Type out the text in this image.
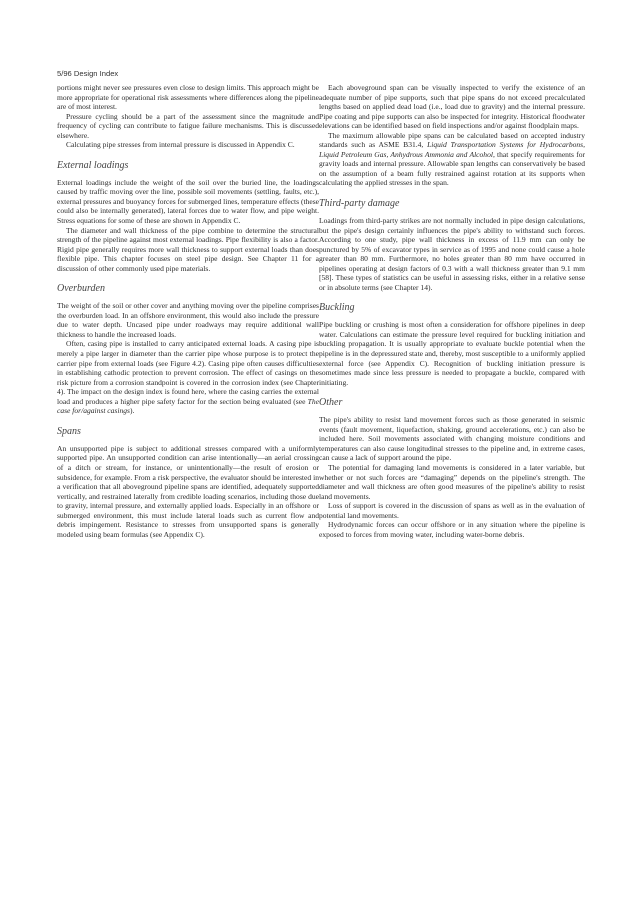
5/96 Design Index

portions might never see pressures even close to design limits. This approach might be more appropriate for operational risk assessments where differences along the pipeline are of most interest.

Pressure cycling should be a part of the assessment since the magnitude and frequency of cycling can contribute to fatigue failure mechanisms. This is discussed elsewhere.

Calculating pipe stresses from internal pressure is discussed in Appendix C.

External loadings

External loadings include the weight of the soil over the buried line, the loadings caused by traffic moving over the line, possible soil movements (settling, faults, etc.), external pressures and buoyancy forces for submerged lines, temperature effects (these could also be internally generated), lateral forces due to water flow, and pipe weight. Stress equations for some of these are shown in Appendix C.

The diameter and wall thickness of the pipe combine to determine the structural strength of the pipeline against most external loadings. Pipe flexibility is also a factor. Rigid pipe generally requires more wall thickness to support external loads than does flexible pipe. This chapter focuses on steel pipe design. See Chapter 11 for a discussion of other commonly used pipe materials.

Overburden

The weight of the soil or other cover and anything moving over the pipeline comprises the overburden load. In an offshore environment, this would also include the pressure due to water depth. Uncased pipe under roadways may require additional wall thickness to handle the increased loads.

Often, casing pipe is installed to carry anticipated external loads. A casing pipe is merely a pipe larger in diameter than the carrier pipe whose purpose is to protect the carrier pipe from external loads (see Figure 4.2). Casing pipe often causes difficulties in establishing cathodic protection to prevent corrosion. The effect of casings on the risk picture from a corrosion standpoint is covered in the corrosion index (see Chapter 4). The impact on the design index is found here, where the casing carries the external load and produces a higher pipe safety factor for the section being evaluated (see The case for/against casings).

Spans

An unsupported pipe is subject to additional stresses compared with a uniformly supported pipe. An unsupported condition can arise intentionally—an aerial crossing of a ditch or stream, for instance, or unintentionally—the result of erosion or subsidence, for example. From a risk perspective, the evaluator should be interested in a verification that all aboveground pipeline spans are identified, adequately supported vertically, and restrained laterally from credible loading scenarios, including those due to gravity, internal pressure, and externally applied loads. Especially in an offshore or submerged environment, this must include lateral loads such as current flow and debris impingement. Resistance to stresses from unsupported spans is generally modeled using beam formulas (see Appendix C).

Each aboveground span can be visually inspected to verify the existence of an adequate number of pipe supports, such that pipe spans do not exceed precalculated lengths based on applied dead load (i.e., load due to gravity) and the internal pressure. Pipe coating and pipe supports can also be inspected for integrity. Historical floodwater elevations can be identified based on field inspections and/or against floodplain maps.

The maximum allowable pipe spans can be calculated based on accepted industry standards such as ASME B31.4, Liquid Transportation Systems for Hydrocarbons, Liquid Petroleum Gas, Anhydrous Ammonia and Alcohol, that specify requirements for gravity loads and internal pressure. Allowable span lengths can conservatively be based on the assumption of a beam fully restrained against rotation at its supports when calculating the applied stresses in the span.

Third-party damage

Loadings from third-party strikes are not normally included in pipe design calculations, but the pipe's design certainly influences the pipe's ability to withstand such forces. According to one study, pipe wall thickness in excess of 11.9 mm can only be punctured by 5% of excavator types in service as of 1995 and none could cause a hole greater than 80 mm. Furthermore, no holes greater than 80 mm have occurred in pipelines operating at design factors of 0.3 with a wall thickness greater than 9.1 mm [58]. These types of statistics can be useful in assessing risks, either in a relative sense or in absolute terms (see Chapter 14).

Buckling

Pipe buckling or crushing is most often a consideration for offshore pipelines in deep water. Calculations can estimate the pressure level required for buckling initiation and buckling propagation. It is usually appropriate to evaluate buckle potential when the pipeline is in the depressured state and, thereby, most susceptible to a uniformly applied external force (see Appendix C). Recognition of buckling initiation pressure is sometimes made since less pressure is needed to propagate a buckle, compared with initiating.

Other

The pipe's ability to resist land movement forces such as those generated in seismic events (fault movement, liquefaction, shaking, ground accelerations, etc.) can also be included here. Soil movements associated with changing moisture conditions and temperatures can also cause longitudinal stresses to the pipeline and, in extreme cases, can cause a lack of support around the pipe.

The potential for damaging land movements is considered in a later variable, but whether or not such forces are “damaging” depends on the pipeline's strength. The diameter and wall thickness are often good measures of the pipeline's ability to resist land movements.

Loss of support is covered in the discussion of spans as well as in the evaluation of potential land movements.

Hydrodynamic forces can occur offshore or in any situation where the pipeline is exposed to forces from moving water, including water-borne debris.
